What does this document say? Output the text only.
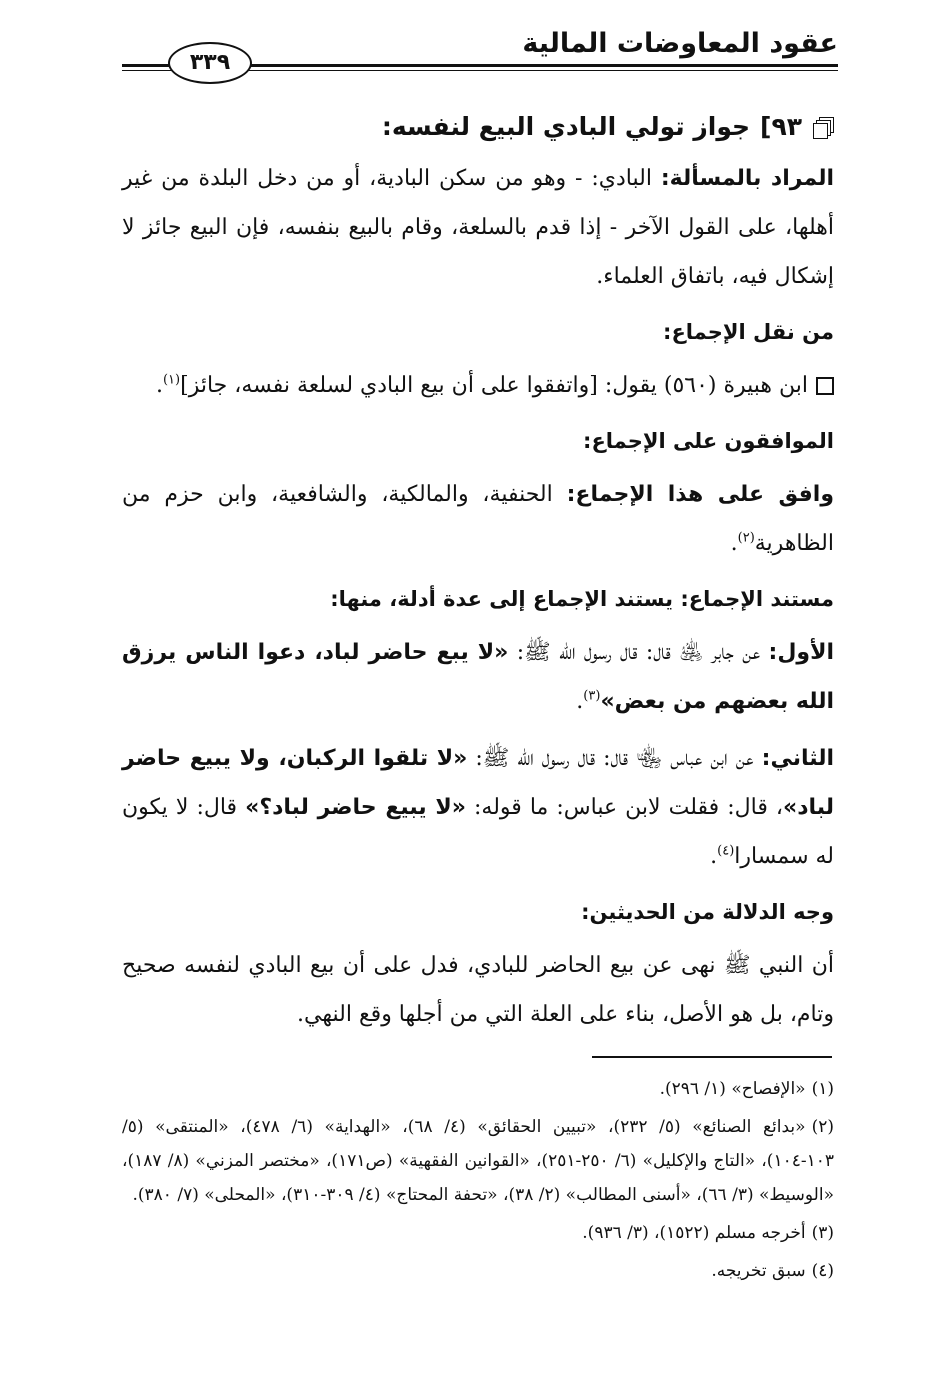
عقود المعاوضات المالية
٣٣٩
٩٣]
جواز تولي البادي البيع لنفسه:

المراد بالمسألة: البادي: - وهو من سكن البادية، أو من دخل البلدة من غير أهلها، على القول الآخر - إذا قدم بالسلعة، وقام بالبيع بنفسه، فإن البيع جائز لا إشكال فيه، باتفاق العلماء.

من نقل الإجماع:

ابن هبيرة (٥٦٠) يقول: [واتفقوا على أن بيع البادي لسلعة نفسه، جائز]$^{(١)}$.

الموافقون على الإجماع:

وافق على هذا الإجماع: الحنفية، والمالكية، والشافعية، وابن حزم من الظاهرية$^{(٢)}$.

مستند الإجماع: يستند الإجماع إلى عدة أدلة، منها:

الأول: عن جابر ﵁ قال: قال رسول الله ﷺ: «لا يبع حاضر لباد، دعوا الناس يرزق الله بعضهم من بعض»$^{(٣)}$.

الثاني: عن ابن عباس ﵄ قال: قال رسول الله ﷺ: «لا تلقوا الركبان، ولا يبيع حاضر لباد»، قال: فقلت لابن عباس: ما قوله: «لا يبيع حاضر لباد؟» قال: لا يكون له سمسارا$^{(٤)}$.

وجه الدلالة من الحديثين:

أن النبي ﷺ نهى عن بيع الحاضر للبادي، فدل على أن بيع البادي لنفسه صحيح وتام، بل هو الأصل، بناء على العلة التي من أجلها وقع النهي.

(١)«الإفصاح» (١/ ٢٩٦).

(٢)«بدائع الصنائع» (٥/ ٢٣٢)، «تبيين الحقائق» (٤/ ٦٨)، «الهداية» (٦/ ٤٧٨)، «المنتقى» (٥/ ١٠٣-١٠٤)، «التاج والإكليل» (٦/ ٢٥٠-٢٥١)، «القوانين الفقهية» (ص١٧١)، «مختصر المزني» (٨/ ١٨٧)، «الوسيط» (٣/ ٦٦)، «أسنى المطالب» (٢/ ٣٨)، «تحفة المحتاج» (٤/ ٣٠٩-٣١٠)، «المحلى» (٧/ ٣٨٠).

(٣)أخرجه مسلم (١٥٢٢)، (٣/ ٩٣٦).

(٤)سبق تخريجه.
